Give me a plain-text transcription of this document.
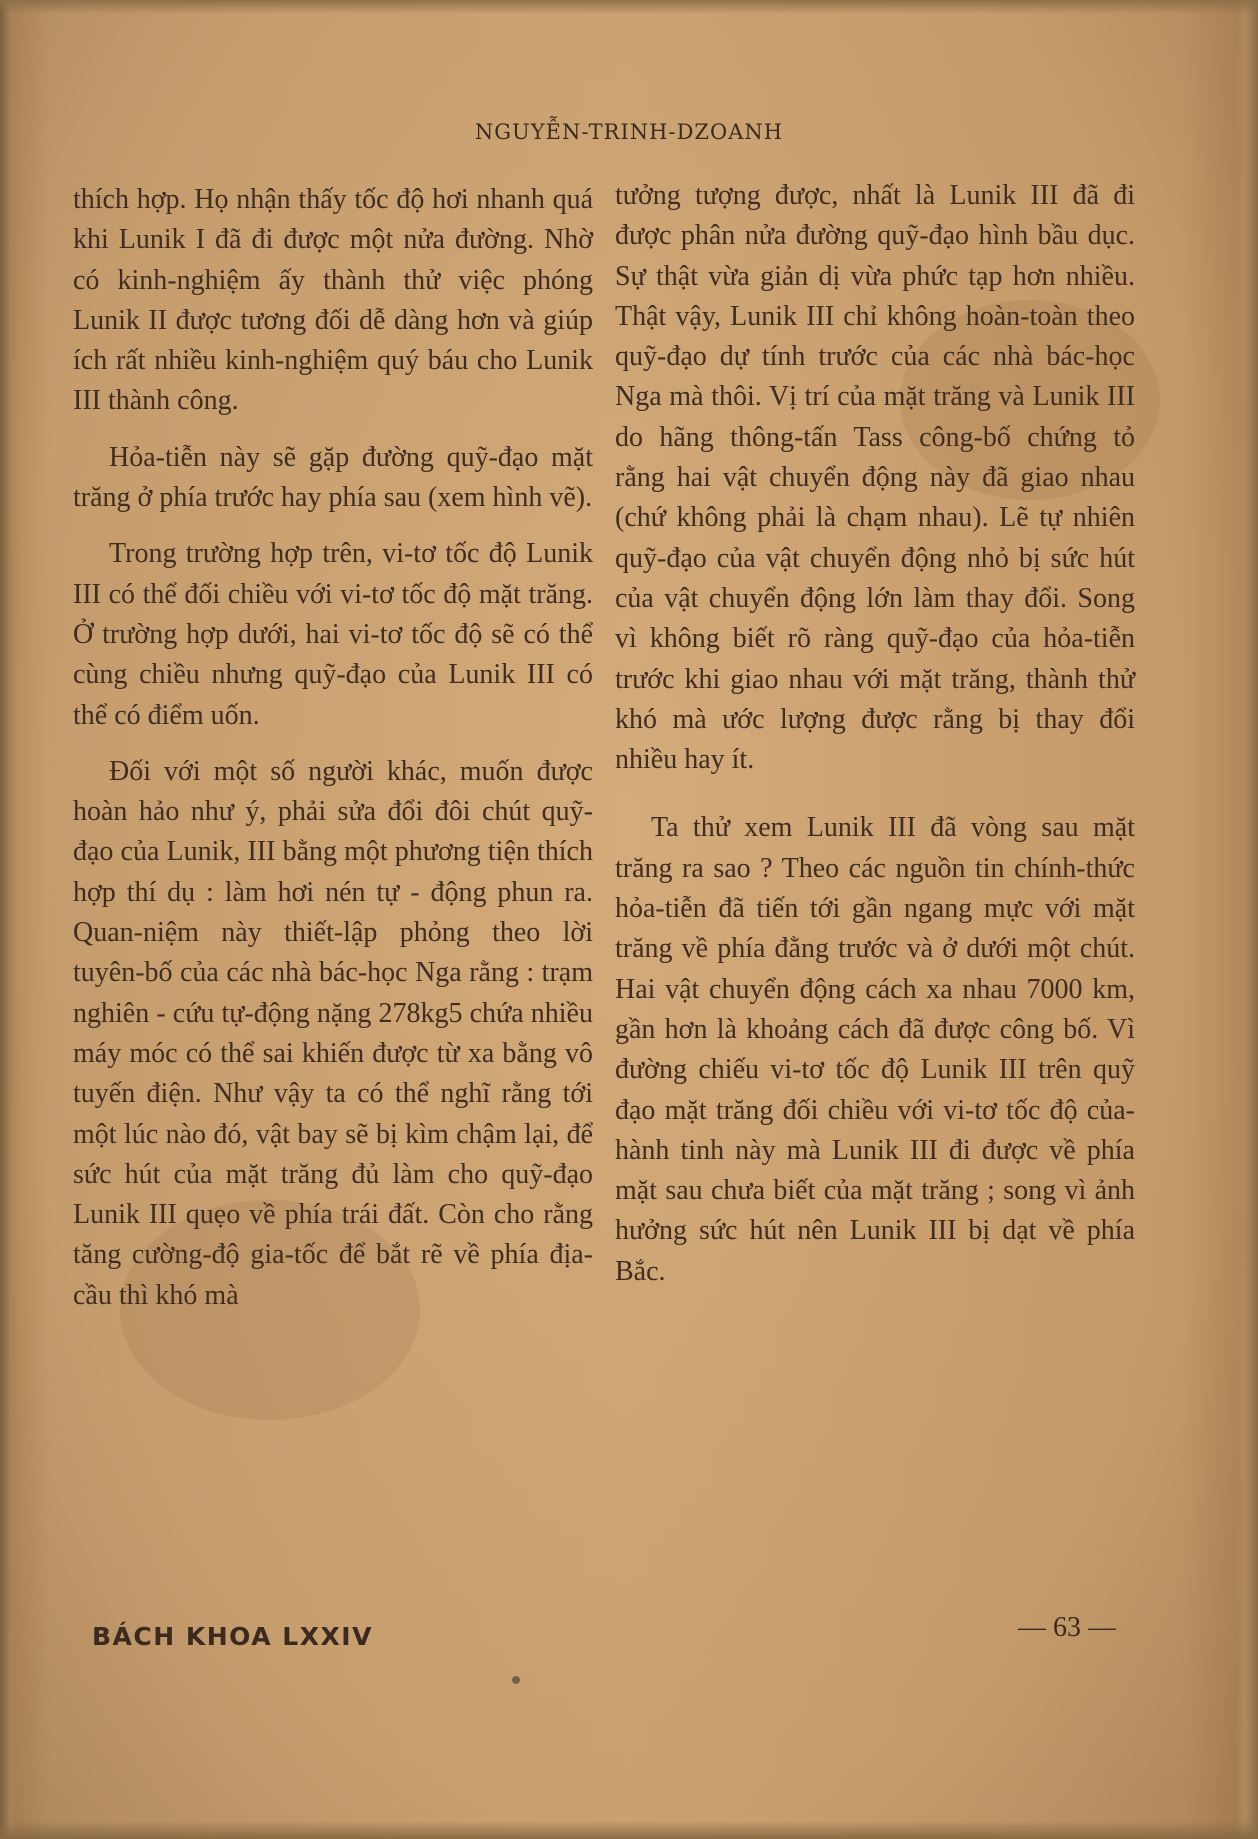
NGUYỄN-TRINH-DZOANH

thích hợp. Họ nhận thấy tốc độ hơi nhanh quá khi Lunik I đã đi được một nửa đường. Nhờ có kinh-nghiệm ấy thành thử việc phóng Lunik II được tương đối dễ dàng hơn và giúp ích rất nhiều kinh-nghiệm quý báu cho Lunik III thành công.

Hỏa-tiễn này sẽ gặp đường quỹ-đạo mặt trăng ở phía trước hay phía sau (xem hình vẽ).

Trong trường hợp trên, vi-tơ tốc độ Lunik III có thể đối chiều với vi-tơ tốc độ mặt trăng. Ở trường hợp dưới, hai vi-tơ tốc độ sẽ có thể cùng chiều nhưng quỹ-đạo của Lunik III có thể có điểm uốn.

Đối với một số người khác, muốn được hoàn hảo như ý, phải sửa đổi đôi chút quỹ-đạo của Lunik, III bằng một phương tiện thích hợp thí dụ : làm hơi nén tự - động phun ra. Quan-niệm này thiết-lập phỏng theo lời tuyên-bố của các nhà bác-học Nga rằng : trạm nghiên - cứu tự-động nặng 278kg5 chứa nhiều máy móc có thể sai khiến được từ xa bằng vô tuyến điện. Như vậy ta có thể nghĩ rằng tới một lúc nào đó, vật bay sẽ bị kìm chậm lại, để sức hút của mặt trăng đủ làm cho quỹ-đạo Lunik III quẹo về phía trái đất. Còn cho rằng tăng cường-độ gia-tốc để bắt rẽ về phía địa-cầu thì khó mà

tưởng tượng được, nhất là Lunik III đã đi được phân nửa đường quỹ-đạo hình bầu dục. Sự thật vừa giản dị vừa phức tạp hơn nhiều. Thật vậy, Lunik III chỉ không hoàn-toàn theo quỹ-đạo dự tính trước của các nhà bác-học Nga mà thôi. Vị trí của mặt trăng và Lunik III do hãng thông-tấn Tass công-bố chứng tỏ rằng hai vật chuyển động này đã giao nhau (chứ không phải là chạm nhau). Lẽ tự nhiên quỹ-đạo của vật chuyển động nhỏ bị sức hút của vật chuyển động lớn làm thay đổi. Song vì không biết rõ ràng quỹ-đạo của hỏa-tiễn trước khi giao nhau với mặt trăng, thành thử khó mà ước lượng được rằng bị thay đổi nhiều hay ít.

Ta thử xem Lunik III đã vòng sau mặt trăng ra sao ? Theo các nguồn tin chính-thức hỏa-tiễn đã tiến tới gần ngang mực với mặt trăng về phía đằng trước và ở dưới một chút. Hai vật chuyển động cách xa nhau 7000 km, gần hơn là khoảng cách đã được công bố. Vì đường chiếu vi-tơ tốc độ Lunik III trên quỹ đạo mặt trăng đối chiều với vi-tơ tốc độ của-hành tinh này mà Lunik III đi được về phía mặt sau chưa biết của mặt trăng ; song vì ảnh hưởng sức hút nên Lunik III bị dạt về phía Bắc.

BÁCH KHOA LXXIV	— 63 —
